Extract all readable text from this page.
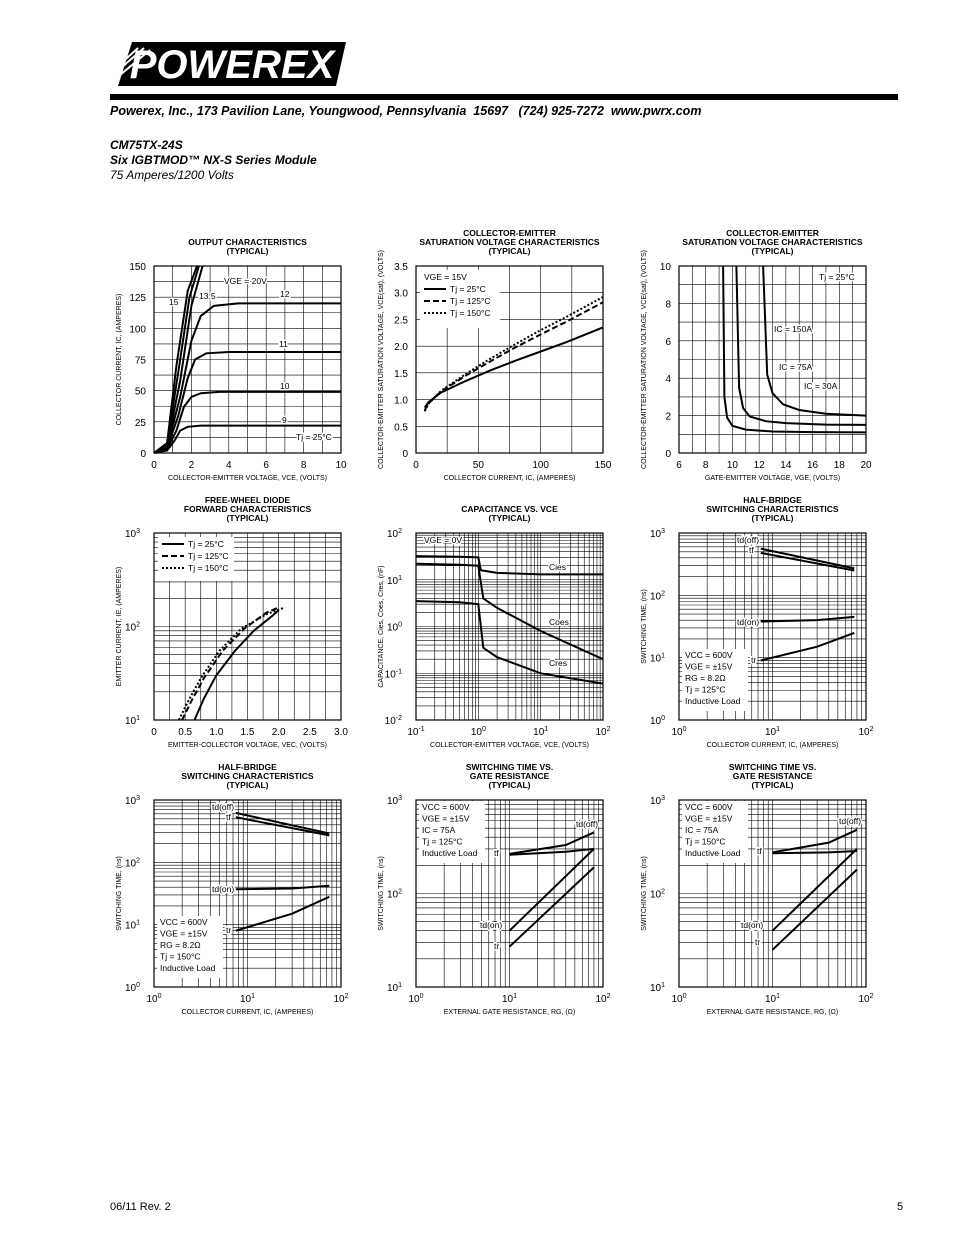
POWEREX
Powerex, Inc., 173 Pavilion Lane, Youngwood, Pennsylvania  15697   (724) 925-7272  www.pwrx.com
CM75TX-24S
Six IGBTMOD™ NX-S Series Module
75 Amperes/1200 Volts
OUTPUT CHARACTERISTICS
(TYPICAL)
0	2	4	6	8	10
0
25
50
75
100
125
150
COLLECTOR-EMITTER VOLTAGE, VCE, (VOLTS)
COLLECTOR CURRENT, IC, (AMPERES)
VGE = 20V
15
13.5	12
11
10
9
Tj = 25°C
COLLECTOR-EMITTER
SATURATION VOLTAGE CHARACTERISTICS
(TYPICAL)
0	50	100	150
0
0.5
1.0
1.5
2.0
2.5
3.0
3.5
COLLECTOR CURRENT, IC, (AMPERES)
COLLECTOR-EMITTER SATURATION VOLTAGE, VCE(sat), (VOLTS)	VGE = 15V
Tj = 25°C
Tj = 125°C
Tj = 150°C
COLLECTOR-EMITTER
SATURATION VOLTAGE CHARACTERISTICS
(TYPICAL)
6 8 10 12 14 16 18 20
0
2
4
6
8
10
GATE-EMITTER VOLTAGE, VGE, (VOLTS)
COLLECTOR-EMITTER SATURATION VOLTAGE, VCE(sat), (VOLTS)	Tj = 25°C
IC = 150A
IC = 75A
IC = 30A
FREE-WHEEL DIODE
FORWARD CHARACTERISTICS
(TYPICAL)
0 0.5 1.0 1.5 2.0 2.5 3.0
$10^1$
$10^2$
$10^3$
EMITTER-COLLECTOR VOLTAGE, VEC, (VOLTS)
EMITTER CURRENT, IE, (AMPERES)
Tj = 25°C
Tj = 125°C
Tj = 150°C
CAPACITANCE VS. VCE
(TYPICAL)
$10^{-1}$	$10^0$	$10^1$	$10^2$
$10^{-2}$
$10^{-1}$
$10^0$
$10^1$
$10^2$
COLLECTOR-EMITTER VOLTAGE, VCE, (VOLTS)
CAPACITANCE, Cies, Coes, Cres, (nF)
VGE = 0V
Cies
Coes
Cres
HALF-BRIDGE
SWITCHING CHARACTERISTICS
(TYPICAL)
$10^0$	$10^1$	$10^2$
$10^0$
$10^1$
$10^2$
$10^3$
COLLECTOR CURRENT, IC, (AMPERES)
SWITCHING TIME, (ns)	VCC = 600V
VGE = ±15V
RG = 8.2Ω
Tj = 125°C
Inductive Load
td(off)
tf
td(on)
tr
HALF-BRIDGE
SWITCHING CHARACTERISTICS
(TYPICAL)
$10^0$	$10^1$	$10^2$
$10^0$
$10^1$
$10^2$
$10^3$
COLLECTOR CURRENT, IC, (AMPERES)
SWITCHING TIME, (ns)	VCC = 600V
VGE = ±15V
RG = 8.2Ω
Tj = 150°C
Inductive Load
td(off)
tf
td(on)
tr
SWITCHING TIME VS.
GATE RESISTANCE
(TYPICAL)
$10^0$	$10^1$	$10^2$
$10^1$
$10^2$
$10^3$
EXTERNAL GATE RESISTANCE, RG, (Ω)
SWITCHING TIME, (ns)
VCC = 600V
VGE = ±15V
IC = 75A
Tj = 125°C
Inductive Load
td(off)
tf
td(on)
tr
SWITCHING TIME VS.
GATE RESISTANCE
(TYPICAL)
$10^0$	$10^1$	$10^2$
$10^1$
$10^2$
$10^3$
EXTERNAL GATE RESISTANCE, RG, (Ω)
SWITCHING TIME, (ns)
VCC = 600V
VGE = ±15V
IC = 75A
Tj = 150°C
Inductive Load
td(off)
tf
td(on)
tr
06/11 Rev. 2	5
